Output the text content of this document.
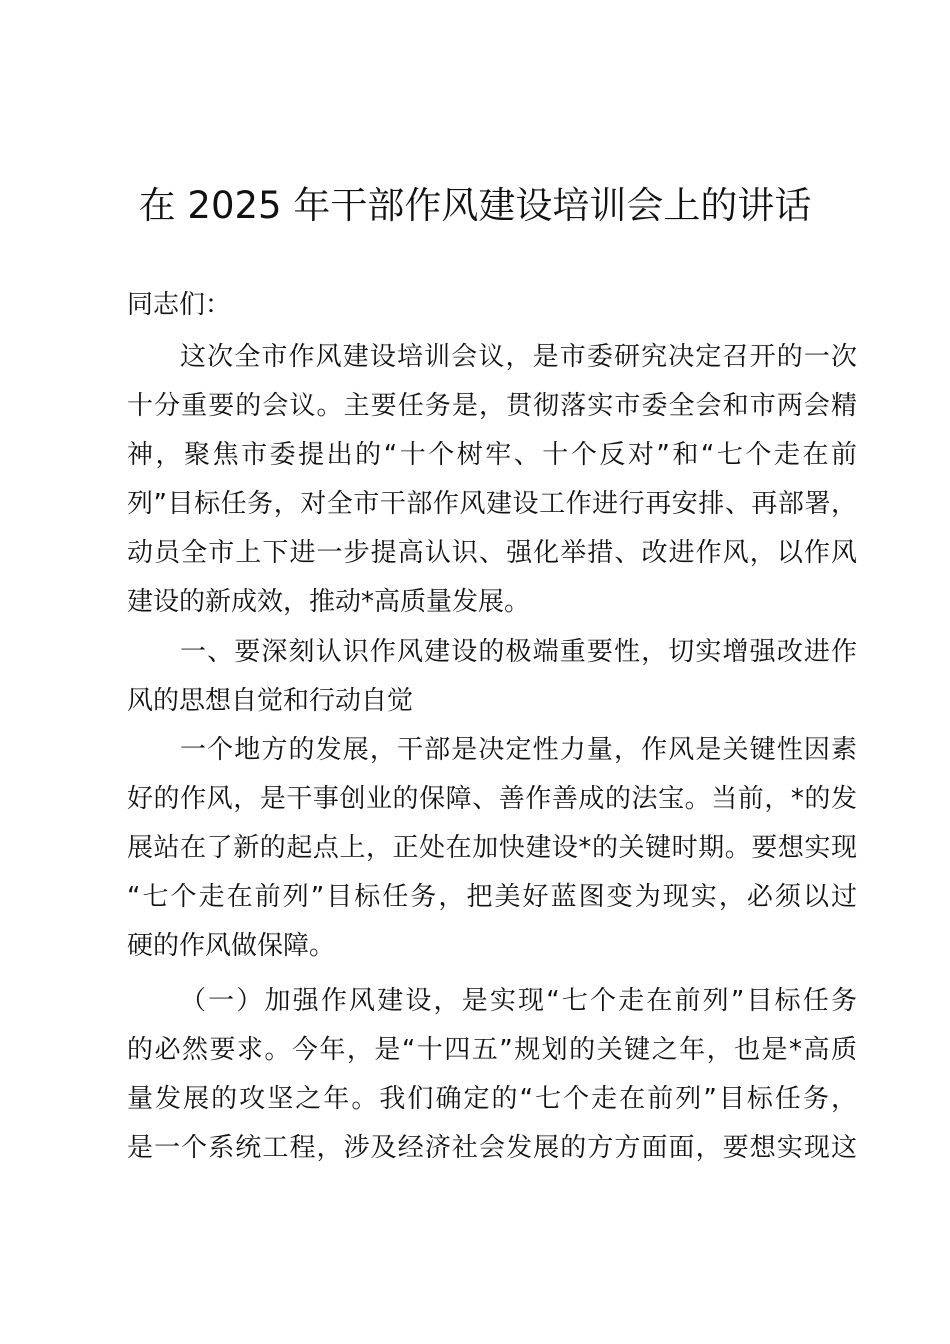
在 2025 年干部作风建设培训会上的讲话
同志们：
这次全市作风建设培训会议，是市委研究决定召开的一次
十分重要的会议。主要任务是，贯彻落实市委全会和市两会精
神，聚焦市委提出的“十个树牢、十个反对”和“七个走在前
列”目标任务，对全市干部作风建设工作进行再安排、再部署，
动员全市上下进一步提高认识、强化举措、改进作风，以作风
建设的新成效，推动*高质量发展。
一、要深刻认识作风建设的极端重要性，切实增强改进作
风的思想自觉和行动自觉
一个地方的发展，干部是决定性力量，作风是关键性因素
好的作风，是干事创业的保障、善作善成的法宝。当前，*的发
展站在了新的起点上，正处在加快建设*的关键时期。要想实现
“七个走在前列”目标任务，把美好蓝图变为现实，必须以过
硬的作风做保障。
（一）加强作风建设，是实现“七个走在前列”目标任务
的必然要求。今年，是“十四五”规划的关键之年，也是*高质
量发展的攻坚之年。我们确定的“七个走在前列”目标任务，
是一个系统工程，涉及经济社会发展的方方面面，要想实现这
